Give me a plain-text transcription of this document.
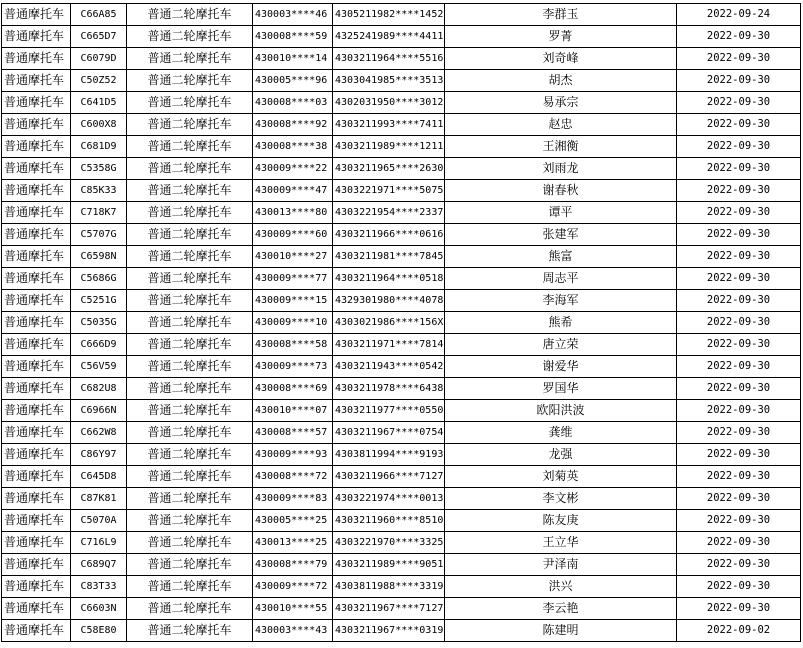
普通摩托车	C66A85	普通二轮摩托车	430003****46	4305211982****1452	李群玉	2022-09-24
普通摩托车	C665D7	普通二轮摩托车	430008****59	4325241989****4411	罗菁	2022-09-30
普通摩托车	C6079D	普通二轮摩托车	430010****14	4303211964****5516	刘奇峰	2022-09-30
普通摩托车	C50Z52	普通二轮摩托车	430005****96	4303041985****3513	胡杰	2022-09-30
普通摩托车	C641D5	普通二轮摩托车	430008****03	4302031950****3012	易承宗	2022-09-30
普通摩托车	C600X8	普通二轮摩托车	430008****92	4303211993****7411	赵忠	2022-09-30
普通摩托车	C681D9	普通二轮摩托车	430008****38	4303211989****1211	王湘衡	2022-09-30
普通摩托车	C5358G	普通二轮摩托车	430009****22	4303211965****2630	刘雨龙	2022-09-30
普通摩托车	C85K33	普通二轮摩托车	430009****47	4303221971****5075	谢春秋	2022-09-30
普通摩托车	C718K7	普通二轮摩托车	430013****80	4303221954****2337	谭平	2022-09-30
普通摩托车	C5707G	普通二轮摩托车	430009****60	4303211966****0616	张建军	2022-09-30
普通摩托车	C6598N	普通二轮摩托车	430010****27	4303211981****7845	熊富	2022-09-30
普通摩托车	C5686G	普通二轮摩托车	430009****77	4303211964****0518	周志平	2022-09-30
普通摩托车	C5251G	普通二轮摩托车	430009****15	4329301980****4078	李海军	2022-09-30
普通摩托车	C5035G	普通二轮摩托车	430009****10	4303021986****156X	熊希	2022-09-30
普通摩托车	C666D9	普通二轮摩托车	430008****58	4303211971****7814	唐立荣	2022-09-30
普通摩托车	C56V59	普通二轮摩托车	430009****73	4303211943****0542	谢爱华	2022-09-30
普通摩托车	C682U8	普通二轮摩托车	430008****69	4303211978****6438	罗国华	2022-09-30
普通摩托车	C6966N	普通二轮摩托车	430010****07	4303211977****0550	欧阳洪波	2022-09-30
普通摩托车	C662W8	普通二轮摩托车	430008****57	4303211967****0754	龚维	2022-09-30
普通摩托车	C86Y97	普通二轮摩托车	430009****93	4303811994****9193	龙强	2022-09-30
普通摩托车	C645D8	普通二轮摩托车	430008****72	4303211966****7127	刘菊英	2022-09-30
普通摩托车	C87K81	普通二轮摩托车	430009****83	4303221974****0013	李文彬	2022-09-30
普通摩托车	C5070A	普通二轮摩托车	430005****25	4303211960****8510	陈友庚	2022-09-30
普通摩托车	C716L9	普通二轮摩托车	430013****25	4303221970****3325	王立华	2022-09-30
普通摩托车	C689Q7	普通二轮摩托车	430008****79	4303211989****9051	尹泽南	2022-09-30
普通摩托车	C83T33	普通二轮摩托车	430009****72	4303811988****3319	洪兴	2022-09-30
普通摩托车	C6603N	普通二轮摩托车	430010****55	4303211967****7127	李云艳	2022-09-30
普通摩托车	C58E80	普通二轮摩托车	430003****43	4303211967****0319	陈建明	2022-09-02
